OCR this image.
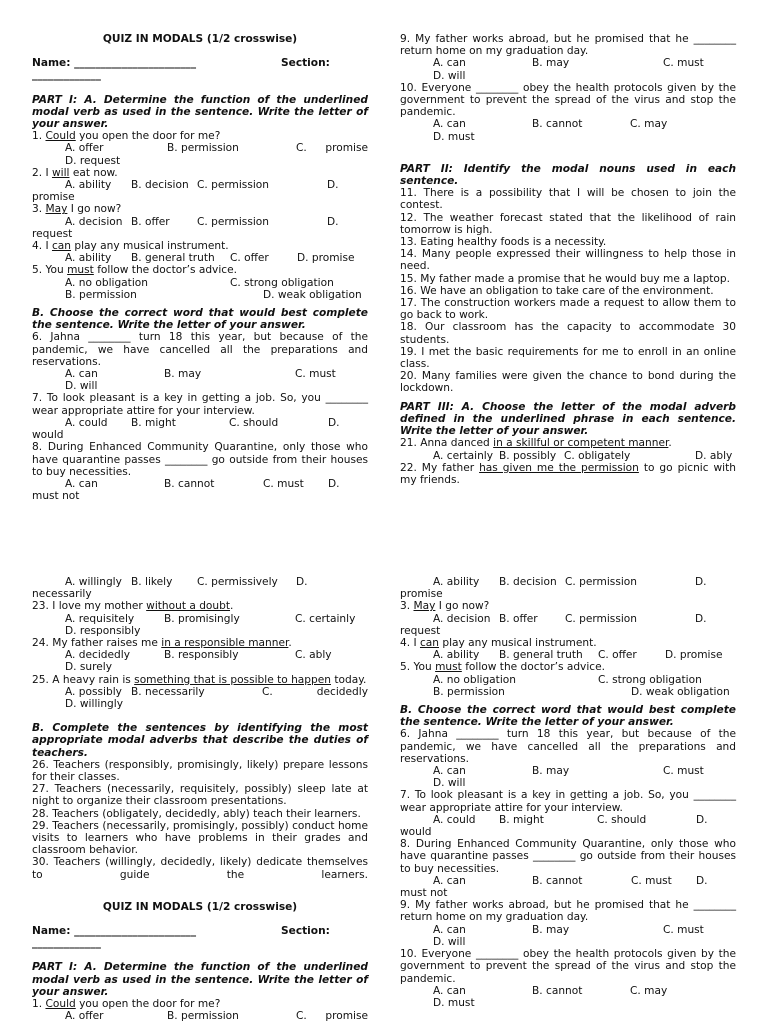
QUIZ IN MODALS (1/2 crosswise)

Name: _______________________	Section:

_____________

PART I: A. Determine the function of the underlined modal verb as used in the sentence. Write the letter of your answer.

1. Could you open the door for me?

A. offer	B. permission	C.	promise

D. request

2. I will eat now.

A. ability	B. decision C. permission	D.

promise

3. May I go now?

A. decision B. offer	C. permission	D.

request

4. I can play any musical instrument.

A. ability	B. general truth	C. offer	D. promise

5. You must follow the doctor’s advice.

A. no obligation	C. strong obligation

B. permission	D. weak obligation

B. Choose the correct word that would best complete the sentence. Write the letter of your answer.

6. Jahna ________ turn 18 this year, but because of the pandemic, we have cancelled all the preparations and reservations.

A. can	B. may	C. must

D. will

7. To look pleasant is a key in getting a job. So, you ________ wear appropriate attire for your interview.

A. could	B. might	C. should	D.

would

8. During Enhanced Community Quarantine, only those who have quarantine passes ________ go outside from their houses to buy necessities.

A. can	B. cannot	C. must	D.

must not

9. My father works abroad, but he promised that he ________ return home on my graduation day.

A. can	B. may	C. must

D. will

10. Everyone ________ obey the health protocols given by the government to prevent the spread of the virus and stop the pandemic.

A. can	B. cannot	C. may

D. must

PART II: Identify the modal nouns used in each sentence.

11. There is a possibility that I will be chosen to join the contest.

12. The weather forecast stated that the likelihood of rain tomorrow is high.

13. Eating healthy foods is a necessity.

14. Many people expressed their willingness to help those in need.

15. My father made a promise that he would buy me a laptop.

16. We have an obligation to take care of the environment.

17. The construction workers made a request to allow them to go back to work.

18. Our classroom has the capacity to accommodate 30 students.

19. I met the basic requirements for me to enroll in an online class.

20. Many families were given the chance to bond during the lockdown.

PART III: A. Choose the letter of the modal adverb defined in the underlined phrase in each sentence. Write the letter of your answer.

21. Anna danced in a skillful or competent manner.

A. certainly B. possibly C. obligately	D. ably

22. My father has given me the permission to go picnic with my friends.

A. willingly B. likely	C. permissively	D.

necessarily

23. I love my mother without a doubt.

A. requisitely	B. promisingly	C. certainly

D. responsibly

24. My father raises me in a responsible manner.

A. decidedly	B. responsibly	C. ably

D. surely

25. A heavy rain is something that is possible to happen today.

A. possibly B. necessarily	C.	decidedly

D. willingly

B. Complete the sentences by identifying the most appropriate modal adverbs that describe the duties of teachers.

26. Teachers (responsibly, promisingly, likely) prepare lessons for their classes.

27. Teachers (necessarily, requisitely, possibly) sleep late at night to organize their classroom presentations.

28. Teachers (obligately, decidedly, ably) teach their learners.

29. Teachers (necessarily, promisingly, possibly) conduct home visits to learners who have problems in their grades and classroom behavior.

30. Teachers (willingly, decidedly, likely) dedicate themselves to guide the learners.

QUIZ IN MODALS (1/2 crosswise)

Name: _______________________	Section:

_____________

PART I: A. Determine the function of the underlined modal verb as used in the sentence. Write the letter of your answer.

1. Could you open the door for me?

A. offer	B. permission	C.	promise

A. ability	B. decision C. permission	D.

promise

3. May I go now?

A. decision B. offer	C. permission	D.

request

4. I can play any musical instrument.

A. ability	B. general truth	C. offer	D. promise

5. You must follow the doctor’s advice.

A. no obligation	C. strong obligation

B. permission	D. weak obligation

B. Choose the correct word that would best complete the sentence. Write the letter of your answer.

6. Jahna ________ turn 18 this year, but because of the pandemic, we have cancelled all the preparations and reservations.

A. can	B. may	C. must

D. will

7. To look pleasant is a key in getting a job. So, you ________ wear appropriate attire for your interview.

A. could	B. might	C. should	D.

would

8. During Enhanced Community Quarantine, only those who have quarantine passes ________ go outside from their houses to buy necessities.

A. can	B. cannot	C. must	D.

must not

9. My father works abroad, but he promised that he ________ return home on my graduation day.

A. can	B. may	C. must

D. will

10. Everyone ________ obey the health protocols given by the government to prevent the spread of the virus and stop the pandemic.

A. can	B. cannot	C. may

D. must
